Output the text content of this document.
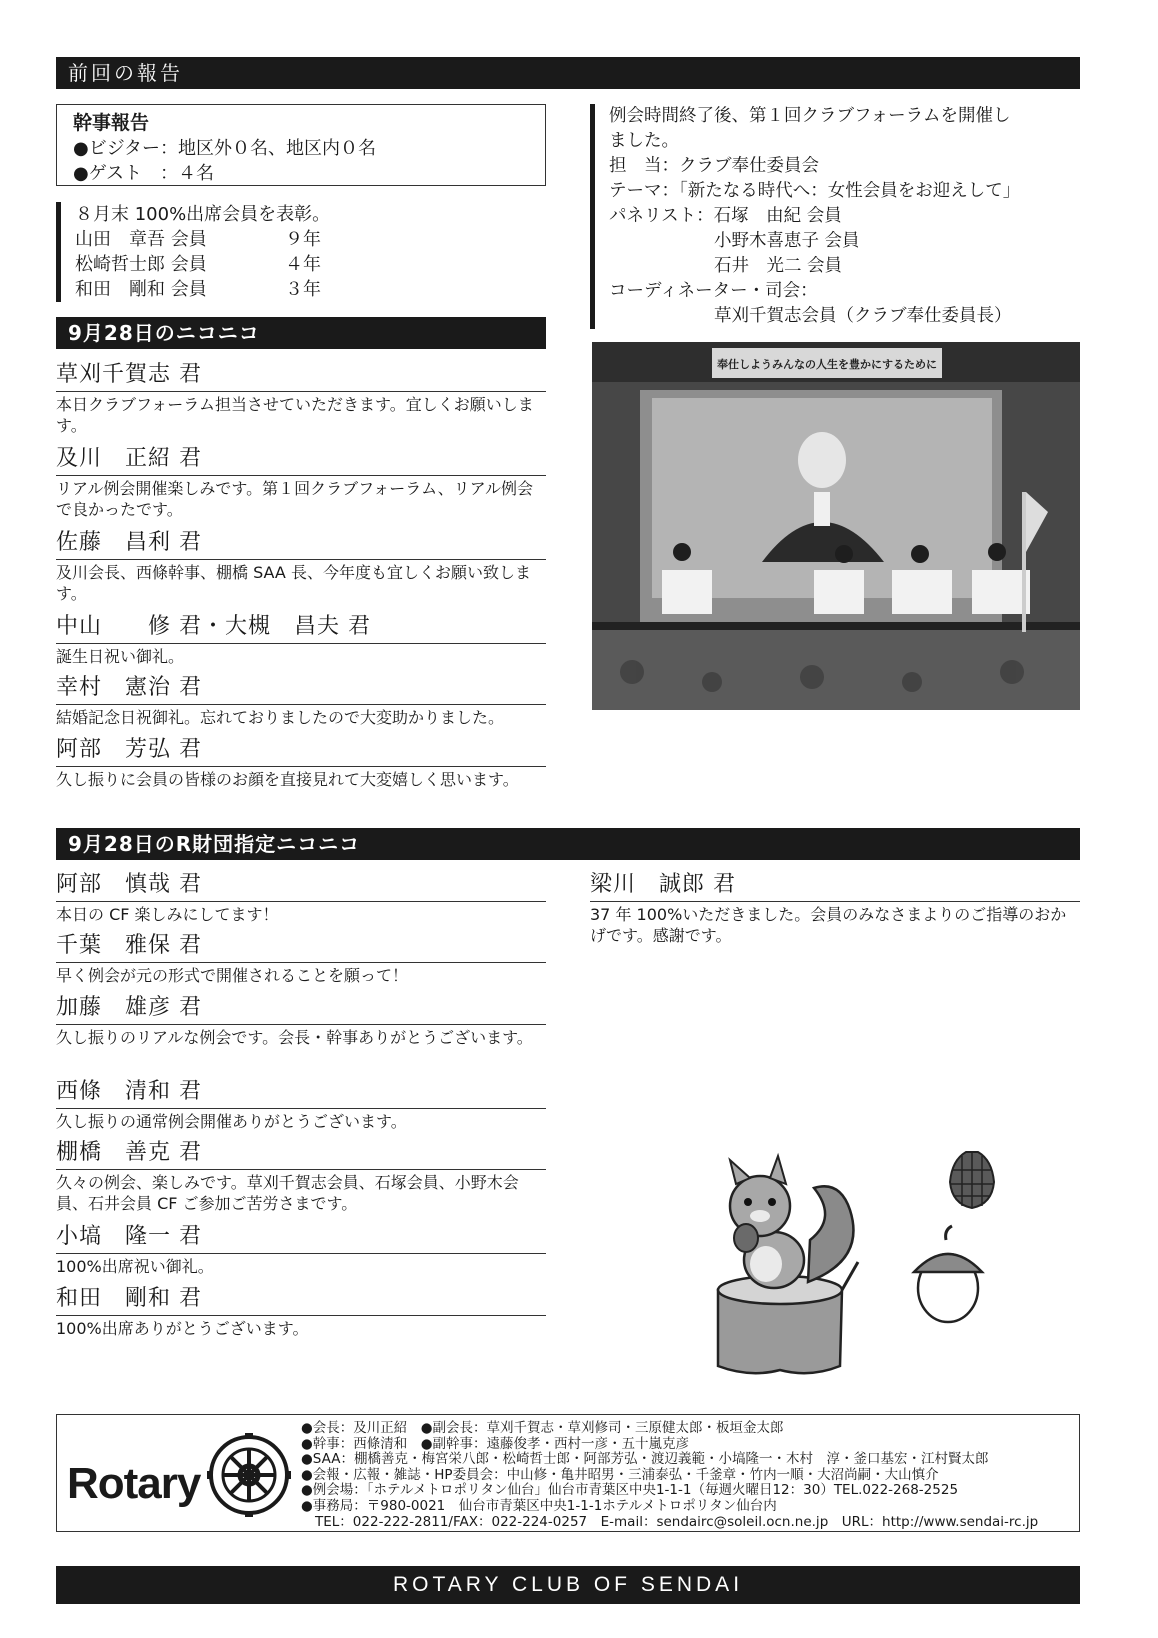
前回の報告
幹事報告
●ビジター：地区外０名、地区内０名
●ゲスト　：４名
８月末 100%出席会員を表彰。
山田　章吾 会員	９年
松崎哲士郎 会員	４年
和田　剛和 会員	３年
例会時間終了後、第１回クラブフォーラムを開催し
ました。
担　当：クラブ奉仕委員会
テーマ：「新たなる時代へ：女性会員をお迎えして」
パネリスト：石塚　由紀 会員
　　　　　　小野木喜恵子 会員
　　　　　　石井　光二 会員
コーディネーター・司会：
　　　　　　草刈千賀志会員（クラブ奉仕委員長）
奉仕しようみんなの人生を豊かにするために
9月28日のニコニコ
草刈千賀志 君
本日クラブフォーラム担当させていただきます。宜しくお願いします。
及川　正紹 君
リアル例会開催楽しみです。第１回クラブフォーラム、リアル例会で良かったです。
佐藤　昌利 君
及川会長、西條幹事、棚橋 SAA 長、今年度も宜しくお願い致します。
中山　　修 君・大槻　昌夫 君
誕生日祝い御礼。
幸村　憲治 君
結婚記念日祝御礼。忘れておりましたので大変助かりました。
阿部　芳弘 君
久し振りに会員の皆様のお顔を直接見れて大変嬉しく思います。
9月28日のR財団指定ニコニコ
阿部　慎哉 君
本日の CF 楽しみにしてます！
千葉　雅保 君
早く例会が元の形式で開催されることを願って！
加藤　雄彦 君
久し振りのリアルな例会です。会長・幹事ありがとうございます。
西條　清和 君
久し振りの通常例会開催ありがとうございます。
棚橋　善克 君
久々の例会、楽しみです。草刈千賀志会員、石塚会員、小野木会員、石井会員 CF ご参加ご苦労さまです。
小塙　隆一 君
100%出席祝い御礼。
和田　剛和 君
100%出席ありがとうございます。
梁川　誠郎 君
37 年 100%いただきました。会員のみなさまよりのご指導のおかげです。感謝です。
Rotary
●会長：及川正紹　●副会長：草刈千賀志・草刈修司・三原健太郎・板垣金太郎
●幹事：西條清和　●副幹事：遠藤俊孝・西村一彦・五十嵐克彦
●SAA：棚橋善克・梅宮栄八郎・松崎哲士郎・阿部芳弘・渡辺義範・小塙隆一・木村　淳・釜口基宏・江村賢太郎
●会報・広報・雑誌・HP委員会：中山修・亀井昭男・三浦泰弘・千釜章・竹内一順・大沼尚嗣・大山慎介
●例会場：「ホテルメトロポリタン仙台」仙台市青葉区中央1-1-1（毎週火曜日12：30）TEL.022-268-2525
●事務局：〒980-0021　仙台市青葉区中央1-1-1ホテルメトロポリタン仙台内
TEL：022-222-2811/FAX：022-224-0257　E-mail：sendairc@soleil.ocn.ne.jp　URL：http://www.sendai-rc.jp
ROTARY CLUB OF SENDAI
